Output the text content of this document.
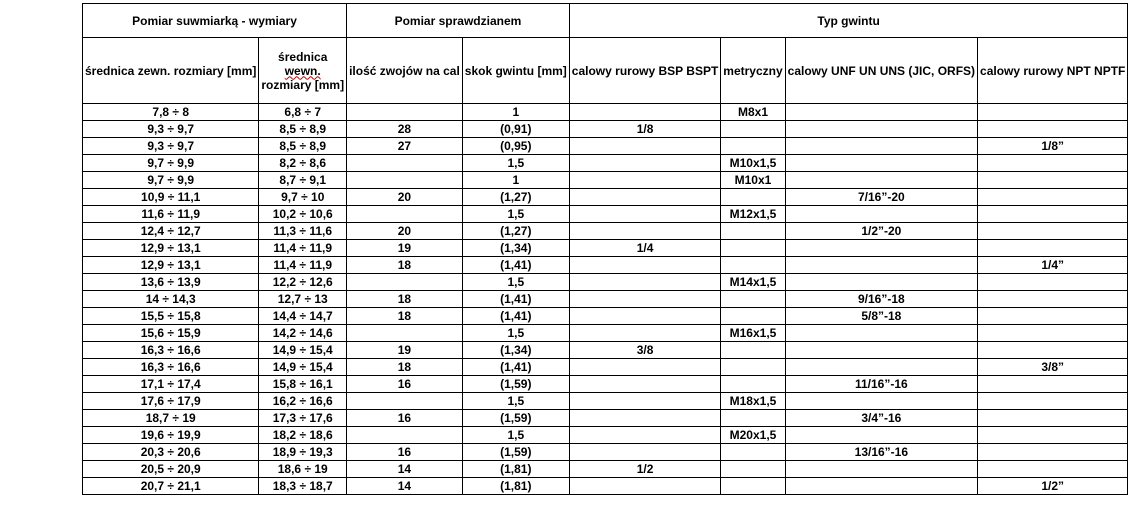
Pomiar suwmiarką - wymiary		Pomiar sprawdzianem		Typ gwintu			
średnica zewn. rozmiary [mm]	średnica
wewn.
rozmiary [mm]	ilość zwojów na cal	skok gwintu [mm]	calowy rurowy BSP BSPT	metryczny	calowy UNF UN UNS (JIC, ORFS)	calowy rurowy NPT NPTF
7,8 ÷ 8	6,8 ÷ 7		1		M8x1		
9,3 ÷ 9,7	8,5 ÷ 8,9	28	(0,91)	1/8			
9,3 ÷ 9,7	8,5 ÷ 8,9	27	(0,95)				1/8”
9,7 ÷ 9,9	8,2 ÷ 8,6		1,5		M10x1,5		
9,7 ÷ 9,9	8,7 ÷ 9,1		1		M10x1		
10,9 ÷ 11,1	9,7 ÷ 10	20	(1,27)			7/16”-20	
11,6 ÷ 11,9	10,2 ÷ 10,6		1,5		M12x1,5		
12,4 ÷ 12,7	11,3 ÷ 11,6	20	(1,27)			1/2”-20	
12,9 ÷ 13,1	11,4 ÷ 11,9	19	(1,34)	1/4			
12,9 ÷ 13,1	11,4 ÷ 11,9	18	(1,41)				1/4”
13,6 ÷ 13,9	12,2 ÷ 12,6		1,5		M14x1,5		
14 ÷ 14,3	12,7 ÷ 13	18	(1,41)			9/16”-18	
15,5 ÷ 15,8	14,4 ÷ 14,7	18	(1,41)			5/8”-18	
15,6 ÷ 15,9	14,2 ÷ 14,6		1,5		M16x1,5		
16,3 ÷ 16,6	14,9 ÷ 15,4	19	(1,34)	3/8			
16,3 ÷ 16,6	14,9 ÷ 15,4	18	(1,41)				3/8”
17,1 ÷ 17,4	15,8 ÷ 16,1	16	(1,59)			11/16”-16	
17,6 ÷ 17,9	16,2 ÷ 16,6		1,5		M18x1,5		
18,7 ÷ 19	17,3 ÷ 17,6	16	(1,59)			3/4”-16	
19,6 ÷ 19,9	18,2 ÷ 18,6		1,5		M20x1,5		
20,3 ÷ 20,6	18,9 ÷ 19,3	16	(1,59)			13/16”-16	
20,5 ÷ 20,9	18,6 ÷ 19	14	(1,81)	1/2			
20,7 ÷ 21,1	18,3 ÷ 18,7	14	(1,81)				1/2”
